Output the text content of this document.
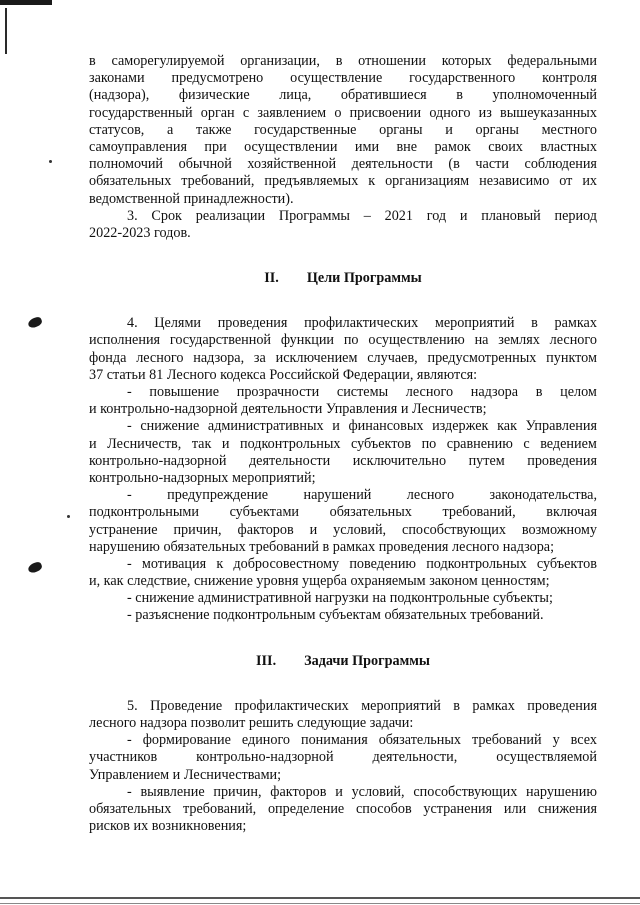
в саморегулируемой организации, в отношении которых федеральными
законами предусмотрено осуществление государственного контроля
(надзора), физические лица, обратившиеся в уполномоченный
государственный орган с заявлением о присвоении одного из вышеуказанных
статусов, а также государственные органы и органы местного
самоуправления при осуществлении ими вне рамок своих властных
полномочий обычной хозяйственной деятельности (в части соблюдения
обязательных требований, предъявляемых к организациям независимо от их
ведомственной принадлежности).
3. Срок реализации Программы – 2021 год и плановый период
2022-2023 годов.
II. Цели Программы
4. Целями проведения профилактических мероприятий в рамках
исполнения государственной функции по осуществлению на землях лесного
фонда лесного надзора, за исключением случаев, предусмотренных пунктом
37 статьи 81 Лесного кодекса Российской Федерации, являются:
- повышение прозрачности системы лесного надзора в целом
и контрольно-надзорной деятельности Управления и Лесничеств;
- снижение административных и финансовых издержек как Управления
и Лесничеств, так и подконтрольных субъектов по сравнению с ведением
контрольно-надзорной деятельности исключительно путем проведения
контрольно-надзорных мероприятий;
- предупреждение нарушений лесного законодательства,
подконтрольными субъектами обязательных требований, включая
устранение причин, факторов и условий, способствующих возможному
нарушению обязательных требований в рамках проведения лесного надзора;
- мотивация к добросовестному поведению подконтрольных субъектов
и, как следствие, снижение уровня ущерба охраняемым законом ценностям;
- снижение административной нагрузки на подконтрольные субъекты;
- разъяснение подконтрольным субъектам обязательных требований.
III. Задачи Программы
5. Проведение профилактических мероприятий в рамках проведения
лесного надзора позволит решить следующие задачи:
- формирование единого понимания обязательных требований у всех
участников	контрольно-надзорной	деятельности,	осуществляемой
Управлением и Лесничествами;
- выявление причин, факторов и условий, способствующих нарушению
обязательных требований, определение способов устранения или снижения
рисков их возникновения;
